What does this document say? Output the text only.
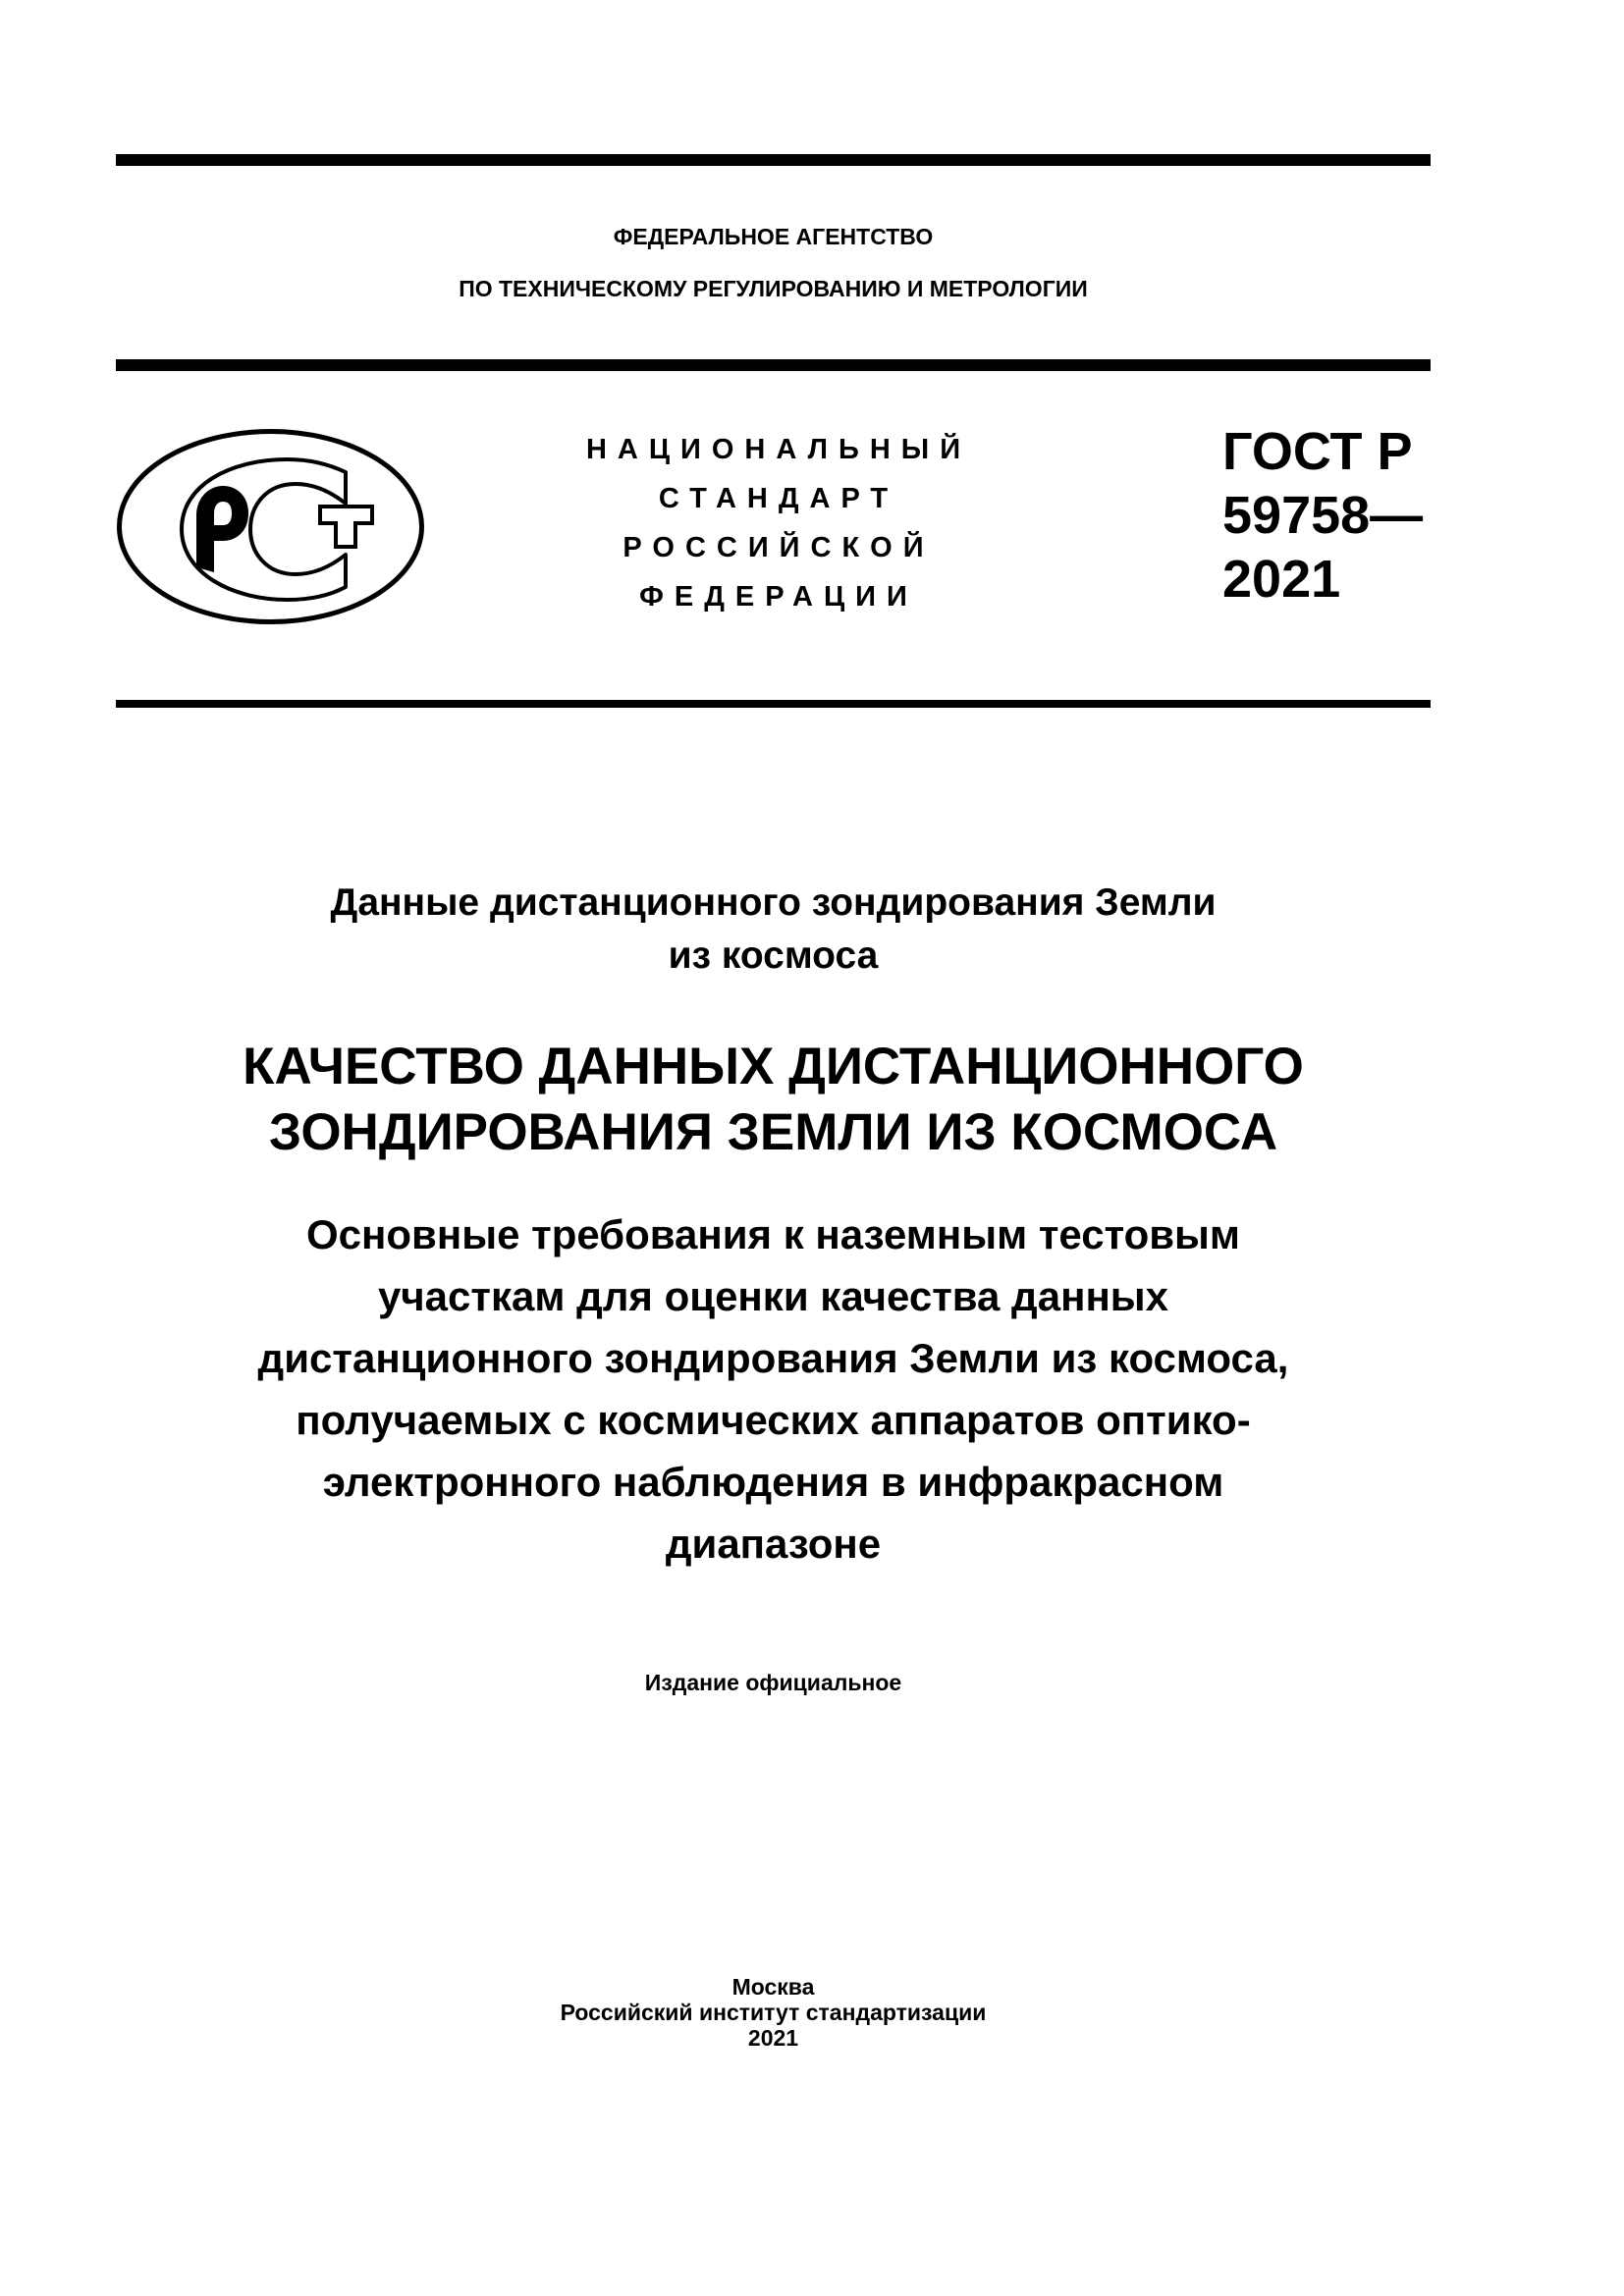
ФЕДЕРАЛЬНОЕ АГЕНТСТВО
ПО ТЕХНИЧЕСКОМУ РЕГУЛИРОВАНИЮ И МЕТРОЛОГИИ
НАЦИОНАЛЬНЫЙ
СТАНДАРТ
РОССИЙСКОЙ
ФЕДЕРАЦИИ
ГОСТ Р
59758—
2021
Данные дистанционного зондирования Земли
из космоса
КАЧЕСТВО ДАННЫХ ДИСТАНЦИОННОГО
ЗОНДИРОВАНИЯ ЗЕМЛИ ИЗ КОСМОСА
Основные требования к наземным тестовым
участкам для оценки качества данных
дистанционного зондирования Земли из космоса,
получаемых с космических аппаратов оптико-
электронного наблюдения в инфракрасном
диапазоне
Издание официальное
Москва
Российский институт стандартизации
2021
